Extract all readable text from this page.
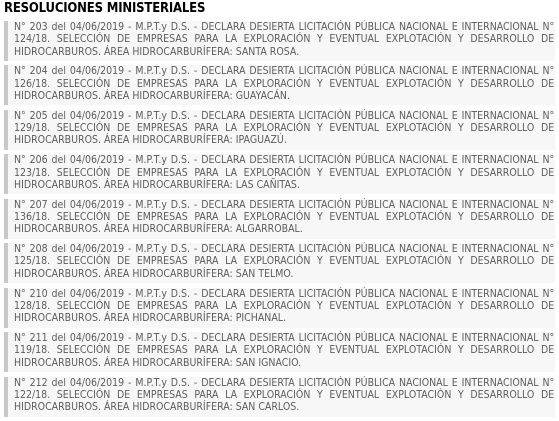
RESOLUCIONES MINISTERIALES

N° 203 del 04/06/2019 - M.P.T.y D.S. - DECLARA DESIERTA LICITACIÓN PÚBLICA NACIONAL E INTERNACIONAL N° 124/18. SELECCIÓN DE EMPRESAS PARA LA EXPLORACIÓN Y EVENTUAL EXPLOTACIÓN Y DESARROLLO DE HIDROCARBUROS. ÁREA HIDROCARBURÍFERA: SANTA ROSA.

N° 204 del 04/06/2019 - M.P.T.y D.S. - DECLARA DESIERTA LICITACIÓN PÚBLICA NACIONAL E INTERNACIONAL N° 126/18. SELECCIÓN DE EMPRESAS PARA LA EXPLORACIÓN Y EVENTUAL EXPLOTACIÓN Y DESARROLLO DE HIDROCARBUROS. ÁREA HIDROCARBURÍFERA: GUAYACÁN.

N° 205 del 04/06/2019 - M.P.T.y D.S. - DECLARA DESIERTA LICITACIÓN PÚBLICA NACIONAL E INTERNACIONAL N° 129/18. SELECCIÓN DE EMPRESAS PARA LA EXPLORACIÓN Y EVENTUAL EXPLOTACIÓN Y DESARROLLO DE HIDROCARBUROS. ÁREA HIDROCARBURÍFERA: IPAGUAZÚ.

N° 206 del 04/06/2019 - M.P.T.y D.S. - DECLARA DESIERTA LICITACIÓN PÚBLICA NACIONAL E INTERNACIONAL N° 123/18. SELECCIÓN DE EMPRESAS PARA LA EXPLORACIÓN Y EVENTUAL EXPLOTACIÓN Y DESARROLLO DE HIDROCARBUROS. ÁREA HIDROCARBURÍFERA: LAS CAÑITAS.

N° 207 del 04/06/2019 - M.P.T.y D.S. - DECLARA DESIERTA LICITACIÓN PÚBLICA NACIONAL E INTERNACIONAL N° 136/18. SELECCIÓN DE EMPRESAS PARA LA EXPLORACIÓN Y EVENTUAL EXPLOTACIÓN Y DESARROLLO DE HIDROCARBUROS. ÁREA HIDROCARBURÍFERA: ALGARROBAL.

N° 208 del 04/06/2019 - M.P.T.y D.S. - DECLARA DESIERTA LICITACIÓN PÚBLICA NACIONAL E INTERNACIONAL N° 125/18. SELECCIÓN DE EMPRESAS PARA LA EXPLORACIÓN Y EVENTUAL EXPLOTACIÓN Y DESARROLLO DE HIDROCARBUROS. ÁREA HIDROCARBURÍFERA: SAN TELMO.

N° 210 del 04/06/2019 - M.P.T.y D.S. - DECLARA DESIERTA LICITACIÓN PÚBLICA NACIONAL E INTERNACIONAL N° 128/18. SELECCIÓN DE EMPRESAS PARA LA EXPLORACIÓN Y EVENTUAL EXPLOTACIÓN Y DESARROLLO DE HIDROCARBUROS. ÁREA HIDROCARBURÍFERA: PICHANAL.

N° 211 del 04/06/2019 - M.P.T.y D.S. - DECLARA DESIERTA LICITACIÓN PÚBLICA NACIONAL E INTERNACIONAL N° 119/18. SELECCIÓN DE EMPRESAS PARA LA EXPLORACIÓN Y EVENTUAL EXPLOTACIÓN Y DESARROLLO DE HIDROCARBUROS. ÁREA HIDROCARBURÍFERA: SAN IGNACIO.

N° 212 del 04/06/2019 - M.P.T.y D.S. - DECLARA DESIERTA LICITACIÓN PÚBLICA NACIONAL E INTERNACIONAL N° 122/18. SELECCIÓN DE EMPRESAS PARA LA EXPLORACIÓN Y EVENTUAL EXPLOTACIÓN Y DESARROLLO DE HIDROCARBUROS. ÁREA HIDROCARBURÍFERA: SAN CARLOS.
